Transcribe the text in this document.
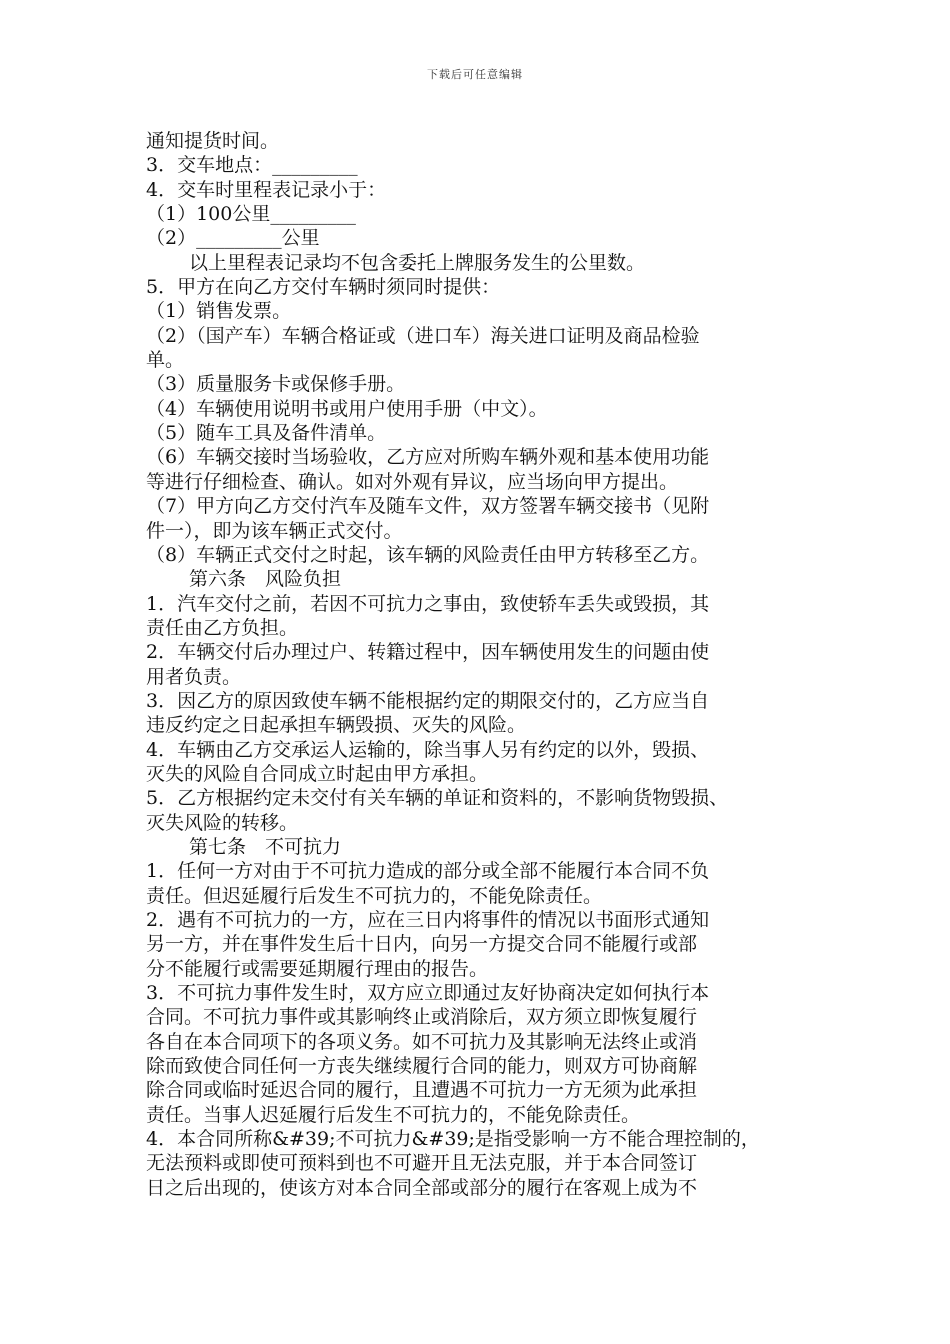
下载后可任意编辑
通知提货时间。
3．交车地点：_________
4．交车时里程表记录小于：
（1）100公里_________
（2）_________公里
以上里程表记录均不包含委托上牌服务发生的公里数。
5．甲方在向乙方交付车辆时须同时提供：
（1）销售发票。
（2）（国产车）车辆合格证或（进口车）海关进口证明及商品检验
单。
（3）质量服务卡或保修手册。
（4）车辆使用说明书或用户使用手册（中文）。
（5）随车工具及备件清单。
（6）车辆交接时当场验收，乙方应对所购车辆外观和基本使用功能
等进行仔细检查、确认。如对外观有异议，应当场向甲方提出。
（7）甲方向乙方交付汽车及随车文件，双方签署车辆交接书（见附
件一），即为该车辆正式交付。
（8）车辆正式交付之时起，该车辆的风险责任由甲方转移至乙方。
第六条　风险负担
1．汽车交付之前，若因不可抗力之事由，致使轿车丢失或毁损，其
责任由乙方负担。
2．车辆交付后办理过户、转籍过程中，因车辆使用发生的问题由使
用者负责。
3．因乙方的原因致使车辆不能根据约定的期限交付的，乙方应当自
违反约定之日起承担车辆毁损、灭失的风险。
4．车辆由乙方交承运人运输的，除当事人另有约定的以外，毁损、
灭失的风险自合同成立时起由甲方承担。
5．乙方根据约定未交付有关车辆的单证和资料的，不影响货物毁损、
灭失风险的转移。
第七条　不可抗力
1．任何一方对由于不可抗力造成的部分或全部不能履行本合同不负
责任。但迟延履行后发生不可抗力的，不能免除责任。
2．遇有不可抗力的一方，应在三日内将事件的情况以书面形式通知
另一方，并在事件发生后十日内，向另一方提交合同不能履行或部
分不能履行或需要延期履行理由的报告。
3．不可抗力事件发生时，双方应立即通过友好协商决定如何执行本
合同。不可抗力事件或其影响终止或消除后，双方须立即恢复履行
各自在本合同项下的各项义务。如不可抗力及其影响无法终止或消
除而致使合同任何一方丧失继续履行合同的能力，则双方可协商解
除合同或临时延迟合同的履行，且遭遇不可抗力一方无须为此承担
责任。当事人迟延履行后发生不可抗力的，不能免除责任。
4．本合同所称&#39;不可抗力&#39;是指受影响一方不能合理控制的，
无法预料或即使可预料到也不可避开且无法克服，并于本合同签订
日之后出现的，使该方对本合同全部或部分的履行在客观上成为不
